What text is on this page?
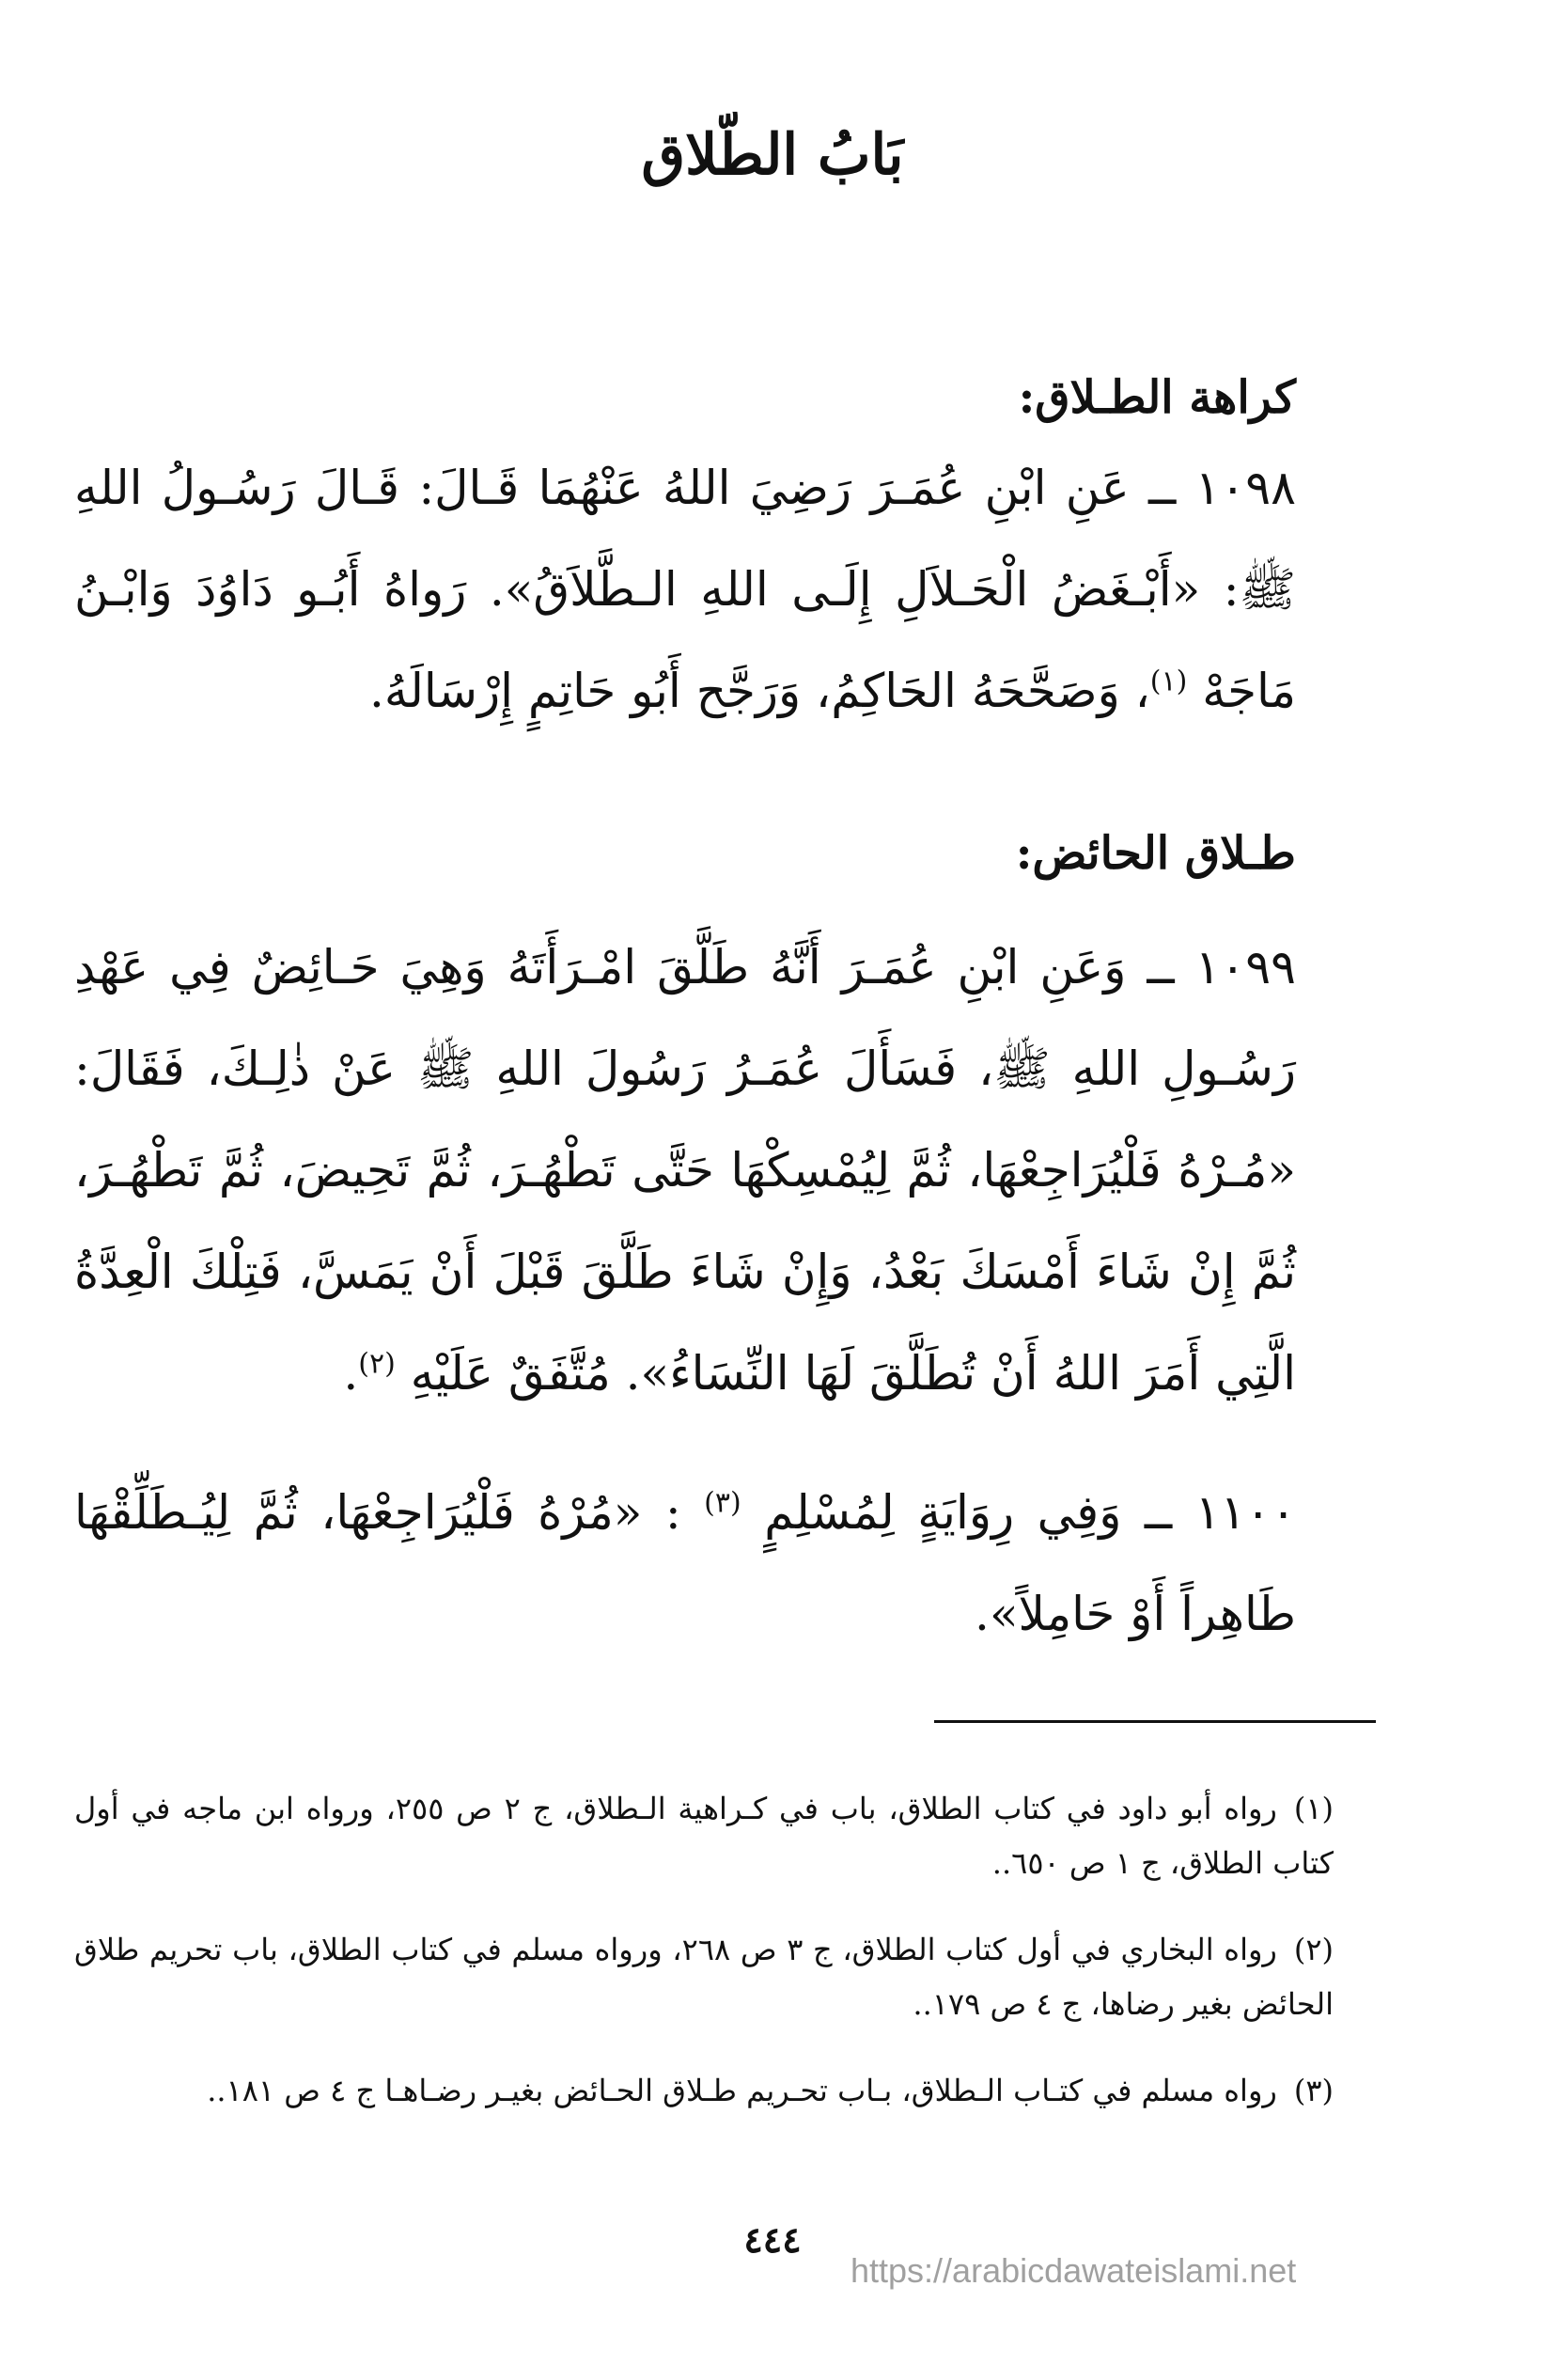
بَابُ الطّلاق
كراهة الطـلاق:

١٠٩٨ ــ عَنِ ابْنِ عُمَـرَ رَضِيَ اللهُ عَنْهُمَا قَـالَ: قَـالَ رَسُـولُ اللهِ ﷺ: «أَبْـغَضُ الْحَـلاَلِ إِلَـى اللهِ الـطَّلاَقُ». رَواهُ أَبُـو دَاوُدَ وَابْـنُ مَاجَهْ $^{(١)}$، وَصَحَّحَهُ الحَاكِمُ، وَرَجَّح أَبُو حَاتِمٍ إِرْسَالَهُ.

طـلاق الحائض:

١٠٩٩ ــ وَعَنِ ابْنِ عُمَـرَ أَنَّهُ طَلَّقَ امْـرَأَتَهُ وَهِيَ حَـائِضٌ فِي عَهْدِ رَسُـولِ اللهِ ﷺ، فَسَأَلَ عُمَـرُ رَسُولَ اللهِ ﷺ عَنْ ذٰلِـكَ، فَقَالَ: «مُـرْهُ فَلْيُرَاجِعْهَا، ثُمَّ لِيُمْسِكْهَا حَتَّى تَطْهُـرَ، ثُمَّ تَحِيضَ، ثُمَّ تَطْهُـرَ، ثُمَّ إِنْ شَاءَ أَمْسَكَ بَعْدُ، وَإِنْ شَاءَ طَلَّقَ قَبْلَ أَنْ يَمَسَّ، فَتِلْكَ الْعِدَّةُ الَّتِي أَمَرَ اللهُ أَنْ تُطَلَّقَ لَهَا النِّسَاءُ». مُتَّفَقٌ عَلَيْهِ $^{(٢)}$.

١١٠٠ ــ وَفِي رِوَايَةٍ لِمُسْلِمٍ $^{(٣)}$ : «مُرْهُ فَلْيُرَاجِعْهَا، ثُمَّ لِيُـطَلِّقْهَا طَاهِراً أَوْ حَامِلاً».

(١)رواه أبو داود في كتاب الطلاق، باب في كـراهية الـطلاق، ج ٢ ص ٢٥٥، ورواه ابن ماجه في أول كتاب الطلاق، ج ١ ص ٦٥٠..

(٢)رواه البخاري في أول كتاب الطلاق، ج ٣ ص ٢٦٨، ورواه مسلم في كتاب الطلاق، باب تحريم طلاق الحائض بغير رضاها، ج ٤ ص ١٧٩..

(٣)رواه مسلم في كتـاب الـطلاق، بـاب تحـريم طـلاق الحـائض بغيـر رضـاهـا ج ٤ ص ١٨١..

٤٤٤
https://arabicdawateislami.net
